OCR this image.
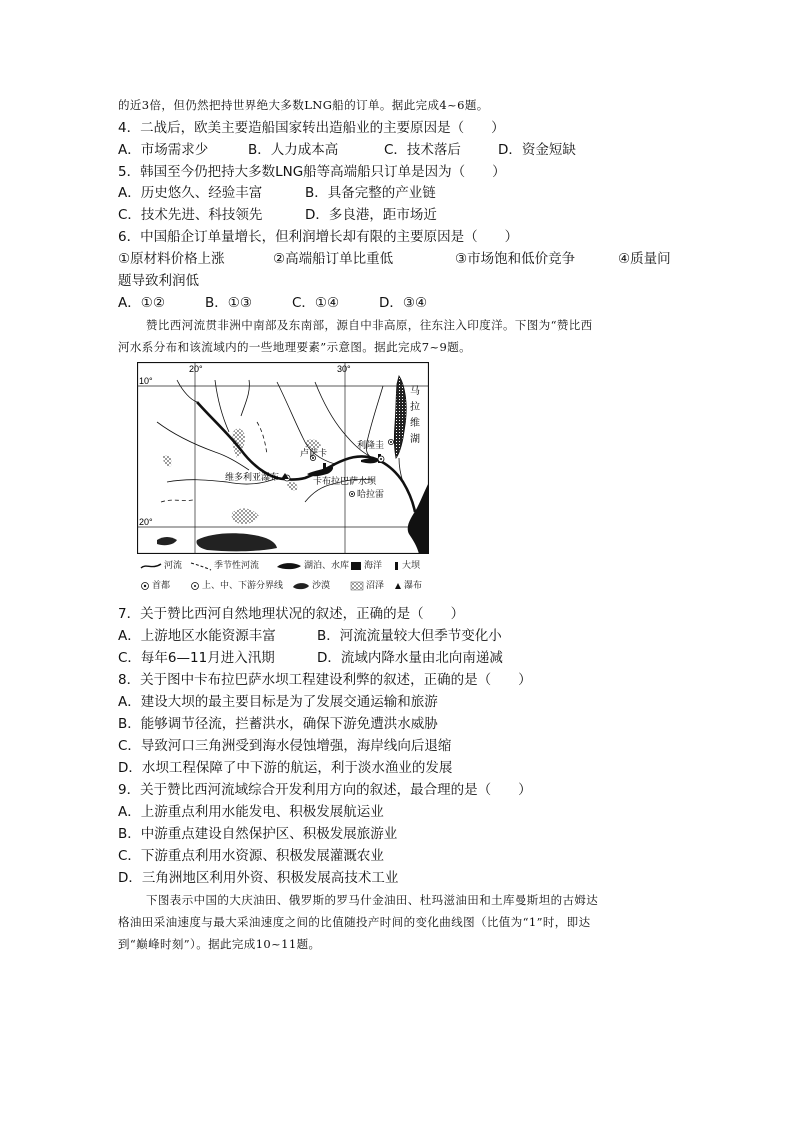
的近3倍，但仍然把持世界绝大多数LNG船的订单。据此完成4~6题。
4．二战后，欧美主要造船国家转出造船业的主要原因是（　　）
A．市场需求少	B．人力成本高	C．技术落后	D．资金短缺
5．韩国至今仍把持大多数LNG船等高端船只订单是因为（　　）
A．历史悠久、经验丰富	B．具备完整的产业链
C．技术先进、科技领先	D．多良港，距市场近
6．中国船企订单量增长，但利润增长却有限的主要原因是（　　）
①原材料价格上涨	②高端船订单比重低	③市场饱和低价竞争	④质量问
题导致利润低
A．①②	B．①③	C．①④	D．③④
赞比西河流贯非洲中南部及东南部，源自中非高原，往东注入印度洋。下图为“赞比西
河水系分布和该流域内的一些地理要素”示意图。据此完成7~9题。
10°
20°
20°	30°
马
拉
维
湖
利隆圭
卢萨卡
维多利亚瀑布	卡布拉巴萨水坝
哈拉雷
河流	季节性河流	湖泊、水库 海洋 大坝
首都	上、中、下游分界线	沙漠	沼泽 瀑布
7．关于赞比西河自然地理状况的叙述，正确的是（　　）
A．上游地区水能资源丰富	B．河流流量较大但季节变化小
C．每年6—11月进入汛期	D．流域内降水量由北向南递减
8．关于图中卡布拉巴萨水坝工程建设利弊的叙述，正确的是（　　）
A．建设大坝的最主要目标是为了发展交通运输和旅游
B．能够调节径流，拦蓄洪水，确保下游免遭洪水威胁
C．导致河口三角洲受到海水侵蚀增强，海岸线向后退缩
D．水坝工程保障了中下游的航运，利于淡水渔业的发展
9．关于赞比西河流域综合开发利用方向的叙述，最合理的是（　　）
A．上游重点利用水能发电、积极发展航运业
B．中游重点建设自然保护区、积极发展旅游业
C．下游重点利用水资源、积极发展灌溉农业
D．三角洲地区利用外资、积极发展高技术工业
下图表示中国的大庆油田、俄罗斯的罗马什金油田、杜玛滋油田和土库曼斯坦的古姆达
格油田采油速度与最大采油速度之间的比值随投产时间的变化曲线图（比值为“1”时，即达
到“巅峰时刻”）。据此完成10~11题。
